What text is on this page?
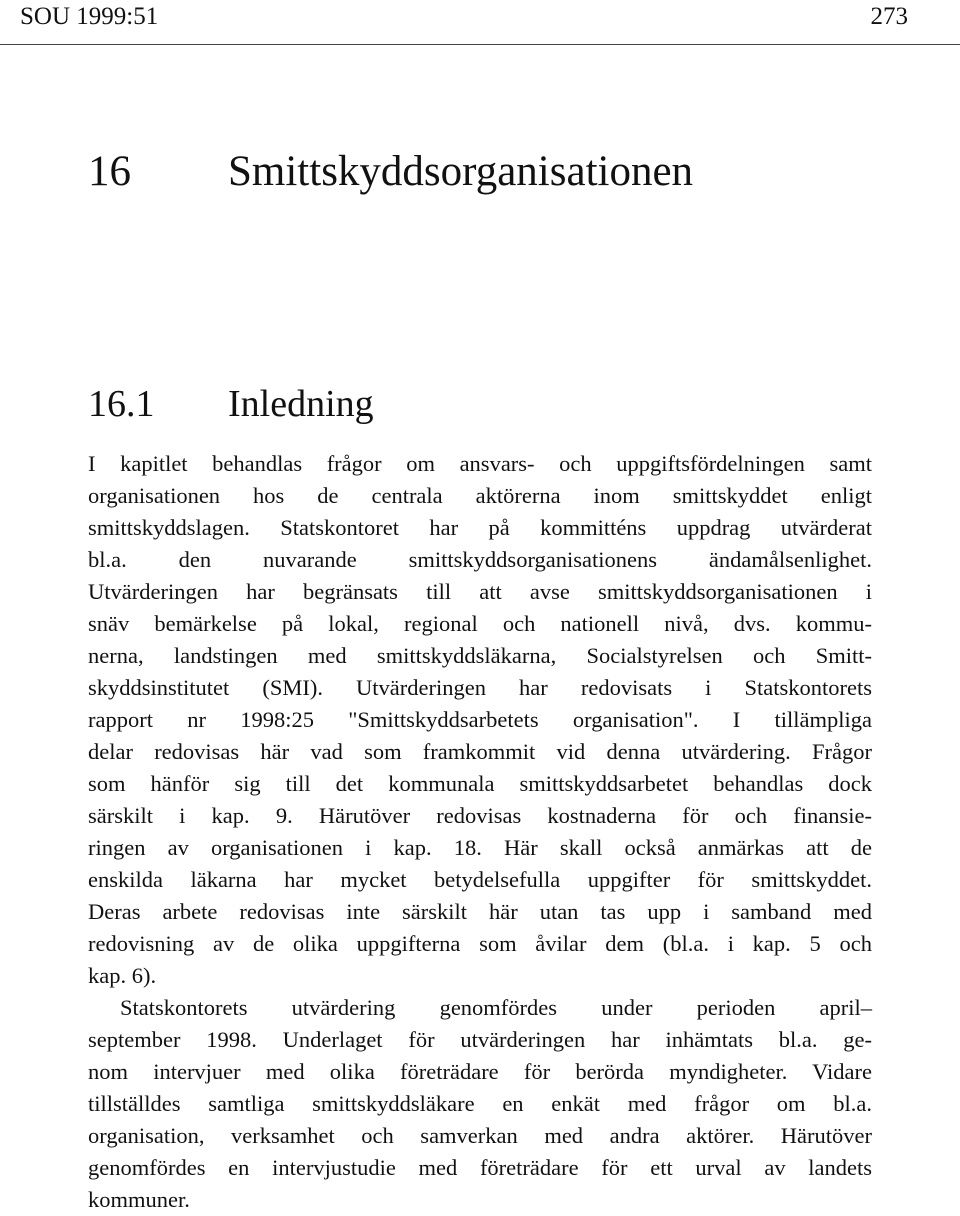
SOU 1999:51	273
16 Smittskyddsorganisationen
16.1 Inledning
I kapitlet behandlas frågor om ansvars- och uppgiftsfördelningen samt
organisationen hos de centrala aktörerna inom smittskyddet enligt
smittskyddslagen. Statskontoret har på kommitténs uppdrag utvärderat
bl.a. den nuvarande smittskyddsorganisationens ändamålsenlighet.
Utvärderingen har begränsats till att avse smittskyddsorganisationen i
snäv bemärkelse på lokal, regional och nationell nivå, dvs. kommu-
nerna, landstingen med smittskyddsläkarna, Socialstyrelsen och Smitt-
skyddsinstitutet (SMI). Utvärderingen har redovisats i Statskontorets
rapport nr 1998:25 "Smittskyddsarbetets organisation". I tillämpliga
delar redovisas här vad som framkommit vid denna utvärdering. Frågor
som hänför sig till det kommunala smittskyddsarbetet behandlas dock
särskilt i kap. 9. Härutöver redovisas kostnaderna för och finansie-
ringen av organisationen i kap. 18. Här skall också anmärkas att de
enskilda läkarna har mycket betydelsefulla uppgifter för smittskyddet.
Deras arbete redovisas inte särskilt här utan tas upp i samband med
redovisning av de olika uppgifterna som åvilar dem (bl.a. i kap. 5 och
kap. 6).
Statskontorets utvärdering genomfördes under perioden april–
september 1998. Underlaget för utvärderingen har inhämtats bl.a. ge-
nom intervjuer med olika företrädare för berörda myndigheter. Vidare
tillställdes samtliga smittskyddsläkare en enkät med frågor om bl.a.
organisation, verksamhet och samverkan med andra aktörer. Härutöver
genomfördes en intervjustudie med företrädare för ett urval av landets
kommuner.
